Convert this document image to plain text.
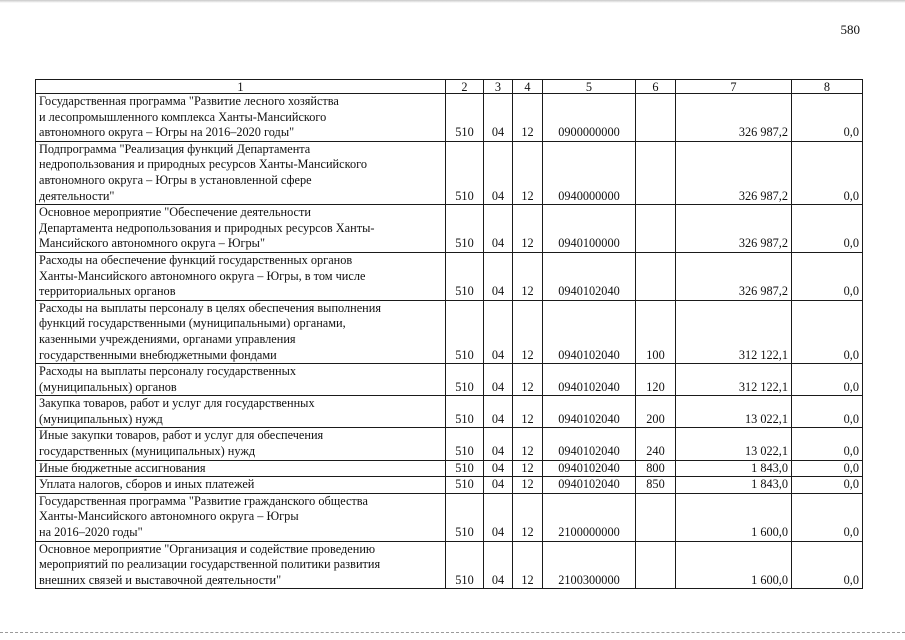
580
1	2	3	4	5	6	7	8

Государственная программа "Развитие лесного хозяйства
и лесопромышленного комплекса Ханты-Мансийского
автономного округа – Югры на 2016–2020 годы"	510	04	12	0900000000		326 987,2	0,0

Подпрограмма "Реализация функций Департамента
недропользования и природных ресурсов Ханты-Мансийского
автономного округа – Югры в установленной сфере
деятельности"	510	04	12	0940000000		326 987,2	0,0

Основное мероприятие "Обеспечение деятельности
Департамента недропользования и природных ресурсов Ханты-
Мансийского автономного округа – Югры"	510	04	12	0940100000		326 987,2	0,0

Расходы на обеспечение функций государственных органов
Ханты-Мансийского автономного округа – Югры, в том числе
территориальных органов	510	04	12	0940102040		326 987,2	0,0

Расходы на выплаты персоналу в целях обеспечения выполнения
функций государственными (муниципальными) органами,
казенными учреждениями, органами управления
государственными внебюджетными фондами	510	04	12	0940102040	100	312 122,1	0,0

Расходы на выплаты персоналу государственных
(муниципальных) органов	510	04	12	0940102040	120	312 122,1	0,0

Закупка товаров, работ и услуг для государственных
(муниципальных) нужд	510	04	12	0940102040	200	13 022,1	0,0

Иные закупки товаров, работ и услуг для обеспечения
государственных (муниципальных) нужд	510	04	12	0940102040	240	13 022,1	0,0

Иные бюджетные ассигнования	510	04	12	0940102040	800	1 843,0	0,0

Уплата налогов, сборов и иных платежей	510	04	12	0940102040	850	1 843,0	0,0

Государственная программа "Развитие гражданского общества
Ханты-Мансийского автономного округа – Югры
на 2016–2020 годы"	510	04	12	2100000000		1 600,0	0,0

Основное мероприятие "Организация и содействие проведению
мероприятий по реализации государственной политики развития
внешних связей и выставочной деятельности"	510	04	12	2100300000		1 600,0	0,0
